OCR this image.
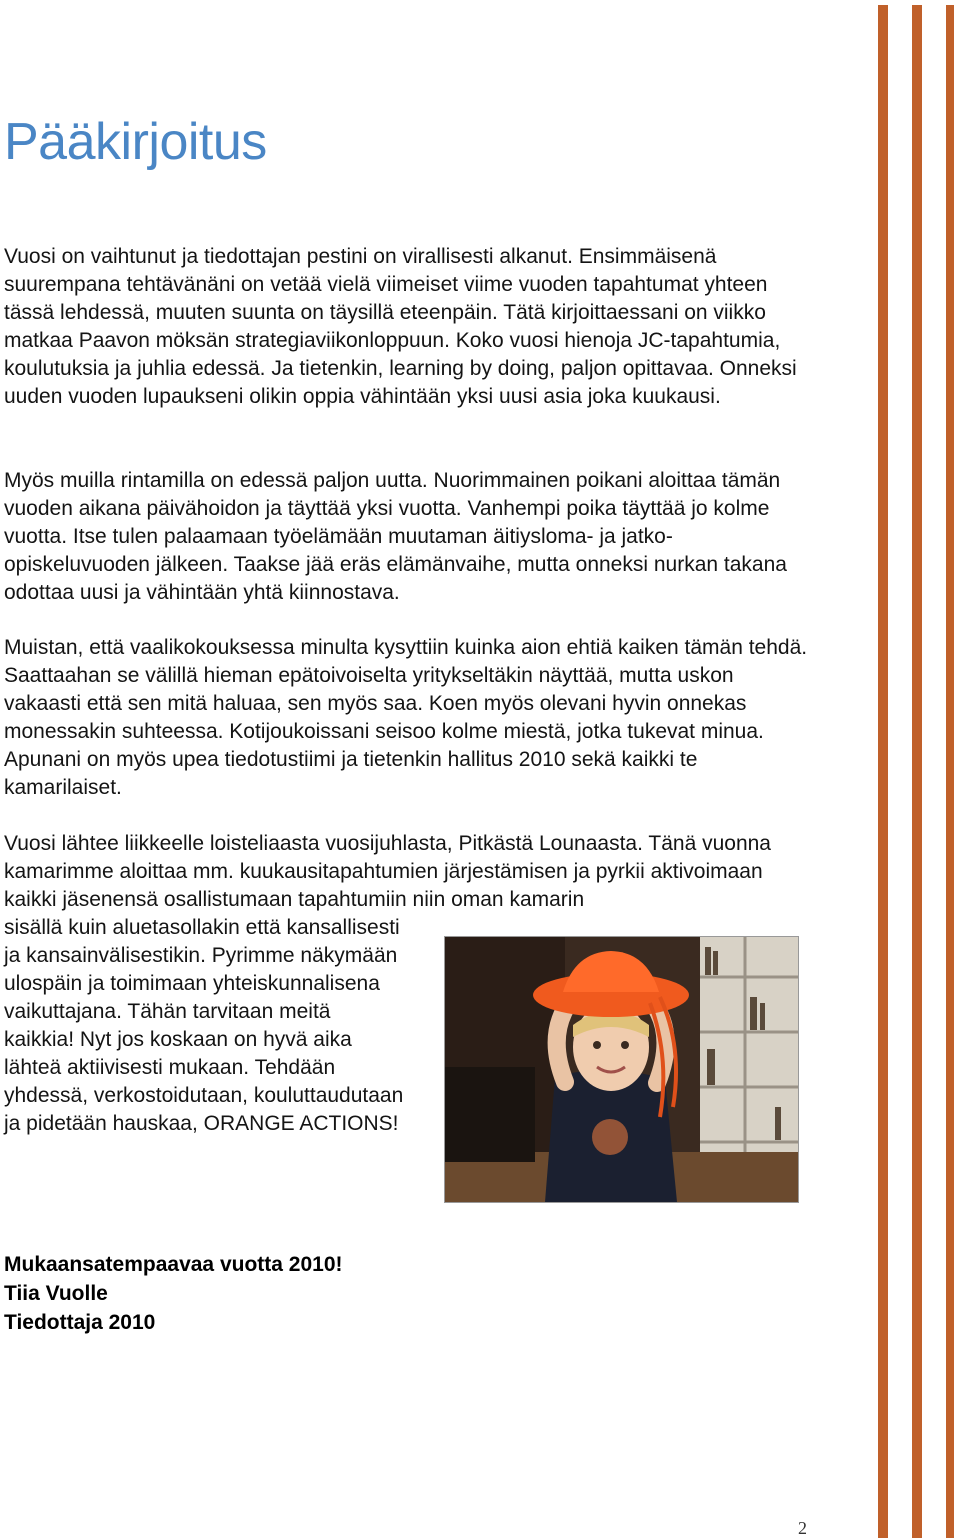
Pääkirjoitus

Vuosi on vaihtunut ja tiedottajan pestini on virallisesti alkanut. Ensimmäisenä suurempana tehtävänäni on vetää vielä viimeiset viime vuoden tapahtumat yhteen tässä lehdessä, muuten suunta on täysillä eteenpäin. Tätä kirjoittaessani on viikko matkaa Paavon möksän strategiaviikonloppuun. Koko vuosi hienoja JC-tapahtumia, koulutuksia ja juhlia edessä. Ja tietenkin, learning by doing, paljon opittavaa. Onneksi uuden vuoden lupaukseni olikin oppia vähintään yksi uusi asia joka kuukausi.

Myös muilla rintamilla on edessä paljon uutta. Nuorimmainen poikani aloittaa tämän vuoden aikana päivähoidon ja täyttää yksi vuotta. Vanhempi poika täyttää jo kolme vuotta. Itse tulen palaamaan työelämään muutaman äitiysloma- ja jatko-opiskeluvuoden jälkeen. Taakse jää eräs elämänvaihe, mutta onneksi nurkan takana odottaa uusi ja vähintään yhtä kiinnostava.

Muistan, että vaalikokouksessa minulta kysyttiin kuinka aion ehtiä kaiken tämän tehdä. Saattaahan se välillä hieman epätoivoiselta yritykseltäkin näyttää, mutta uskon vakaasti että sen mitä haluaa, sen myös saa. Koen myös olevani hyvin onnekas monessakin suhteessa. Kotijoukoissani seisoo kolme miestä, jotka tukevat minua. Apunani on myös upea tiedotustiimi ja tietenkin hallitus 2010 sekä kaikki te kamarilaiset.

Vuosi lähtee liikkeelle loisteliaasta vuosijuhlasta, Pitkästä Lounaasta. Tänä vuonna kamarimme aloittaa mm. kuukausitapahtumien järjestämisen ja pyrkii aktivoimaan kaikki jäsenensä osallistumaan tapahtumiin niin oman kamarin

sisällä kuin aluetasollakin että kansallisesti ja kansainvälisestikin. Pyrimme näkymään ulospäin ja toimimaan yhteiskunnalisena vaikuttajana. Tähän tarvitaan meitä kaikkia! Nyt jos koskaan on hyvä aika lähteä aktiivisesti mukaan. Tehdään yhdessä, verkostoidutaan, kouluttaudutaan ja pidetään hauskaa, ORANGE ACTIONS!

Mukaansatempaavaa vuotta 2010!
Tiia Vuolle
Tiedottaja 2010
2
